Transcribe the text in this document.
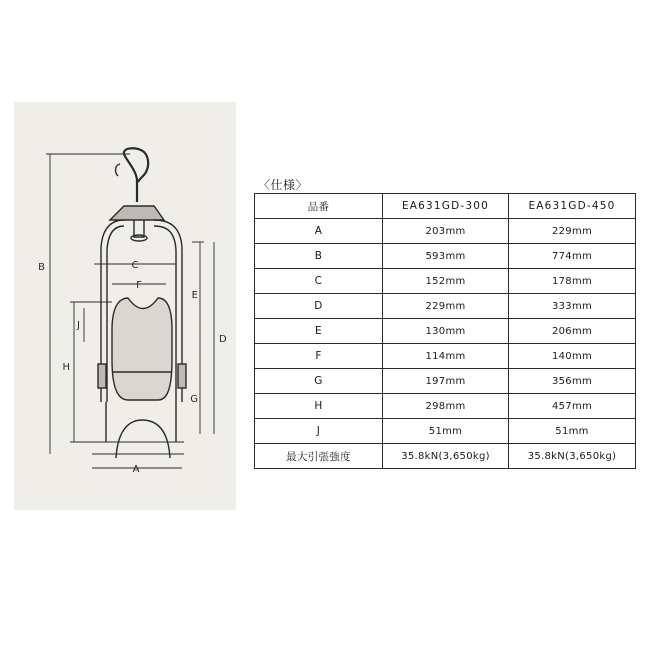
B
H
J
C
F
E
D
G
A
〈仕様〉
品番	EA631GD-300	EA631GD-450
A	203mm	229mm
B	593mm	774mm
C	152mm	178mm
D	229mm	333mm
E	130mm	206mm
F	114mm	140mm
G	197mm	356mm
H	298mm	457mm
J	51mm	51mm
最大引張強度	35.8kN(3,650kg)	35.8kN(3,650kg)
